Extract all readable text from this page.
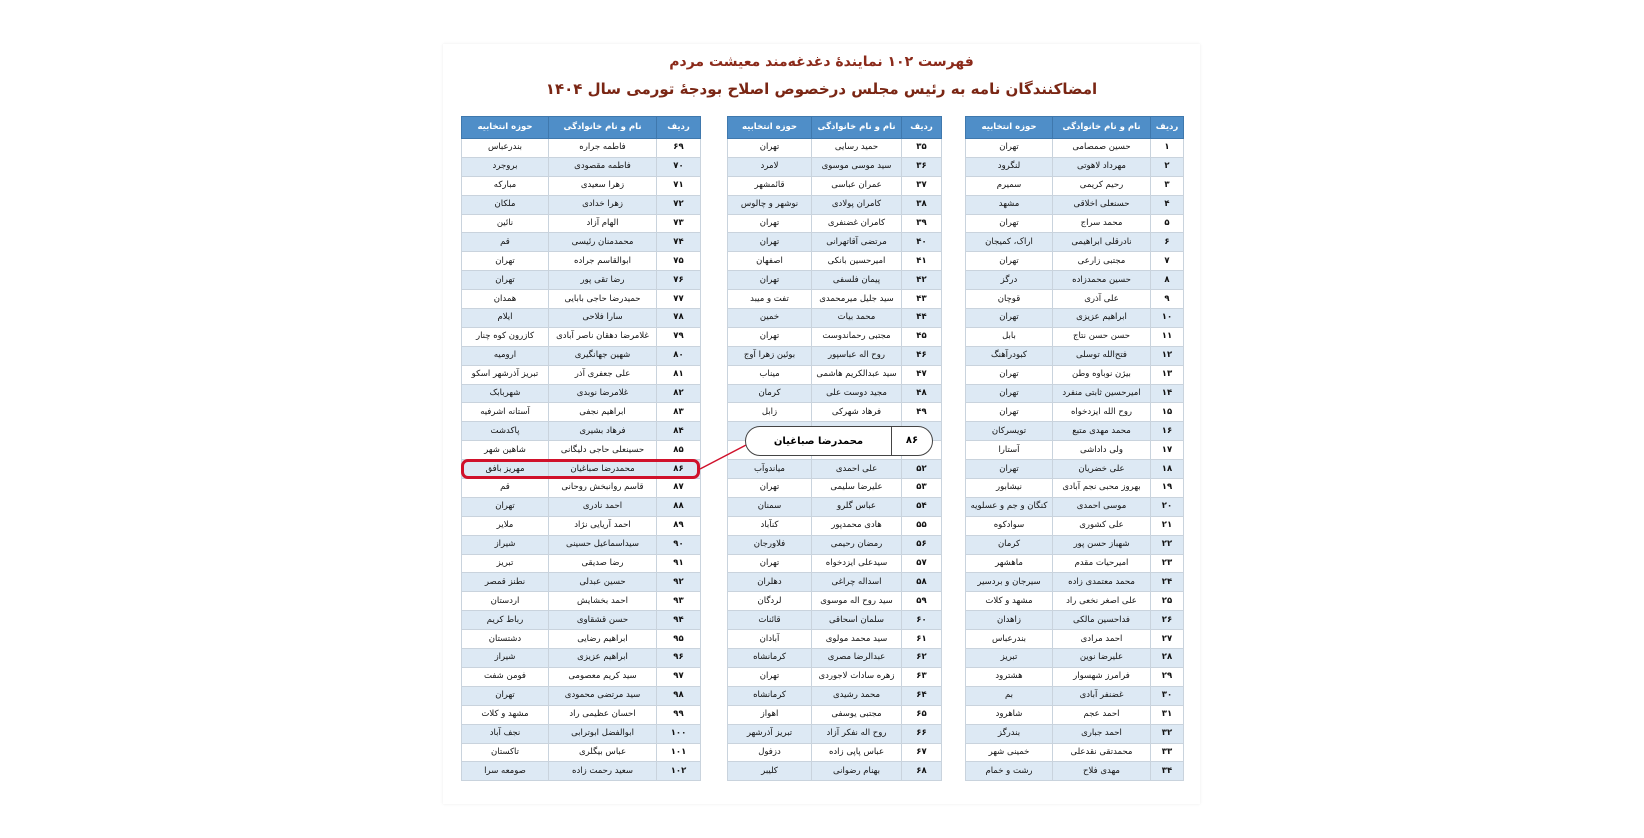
فهرست ۱۰۲ نمایندهٔ دغدغه‌مند معیشت مردم
امضاکنندگان نامه به رئیس مجلس درخصوص اصلاح بودجهٔ تورمی سال ۱۴۰۴
ردیف	نام و نام خانوادگی	حوزه انتخابیه
۱	حسین صمصامی	تهران
۲	مهرداد لاهوتی	لنگرود
۳	رحیم کریمی	سمیرم
۴	حسنعلی اخلاقی	مشهد
۵	محمد سراج	تهران
۶	نادرقلی ابراهیمی	اراک، کمیجان
۷	مجتبی زارعی	تهران
۸	حسین محمدزاده	درگز
۹	علی آذری	قوچان
۱۰	ابراهیم عزیزی	تهران
۱۱	حسن حسن نتاج	بابل
۱۲	فتح‌الله توسلی	کبودرآهنگ
۱۳	بیژن نوباوه وطن	تهران
۱۴	امیرحسین ثابتی منفرد	تهران
۱۵	روح الله ایزدخواه	تهران
۱۶	محمد مهدی متبع	تویسرکان
۱۷	ولی داداشی	آستارا
۱۸	علی خضریان	تهران
۱۹	بهروز محبی نجم آبادی	نیشابور
۲۰	موسی احمدی	کنگان و جم و عسلویه
۲۱	علی کشوری	سوادکوه
۲۲	شهباز حسن پور	کرمان
۲۳	امیرحیات مقدم	ماهشهر
۲۴	محمد معتمدی زاده	سیرجان و بردسیر
۲۵	علی اصغر نخعی راد	مشهد و کلات
۲۶	فداحسین مالکی	زاهدان
۲۷	احمد مرادی	بندرعباس
۲۸	علیرضا نوین	تبریز
۲۹	فرامرز شهسوار	هشترود
۳۰	غضنفر آبادی	بم
۳۱	احمد عجم	شاهرود
۳۲	احمد جباری	بندرگز
۳۳	محمدتقی نقدعلی	خمینی شهر
۳۴	مهدی فلاح	رشت و خمام
ردیف	نام و نام خانوادگی	حوزه انتخابیه
۳۵	حمید رسایی	تهران
۳۶	سید موسی موسوی	لامرد
۳۷	عمران عباسی	قائمشهر
۳۸	کامران پولادی	نوشهر و چالوس
۳۹	کامران غضنفری	تهران
۴۰	مرتضی آقاتهرانی	تهران
۴۱	امیرحسین بانکی	اصفهان
۴۲	پیمان فلسفی	تهران
۴۳	سید جلیل میرمحمدی	تفت و میبد
۴۴	محمد بیات	خمین
۴۵	مجتبی رحماندوست	تهران
۴۶	روح اله عباسپور	بوئین زهرا آوج
۴۷	سید عبدالکریم هاشمی	میناب
۴۸	مجید دوست علی	کرمان
۴۹	فرهاد شهرکی	زابل

۵۲	علی احمدی	میاندوآب
۵۳	علیرضا سلیمی	تهران
۵۴	عباس گلرو	سمنان
۵۵	هادی محمدپور	کنآباد
۵۶	رمضان رحیمی	فلاورجان
۵۷	سیدعلی ایزدخواه	تهران
۵۸	اسداله چراغی	دهلران
۵۹	سید روح اله موسوی	لردگان
۶۰	سلمان اسحاقی	قائنات
۶۱	سید محمد مولوی	آبادان
۶۲	عبدالرضا مصری	کرمانشاه
۶۳	زهره سادات لاجوردی	تهران
۶۴	محمد رشیدی	کرمانشاه
۶۵	مجتبی یوسفی	اهواز
۶۶	روح اله نفکر آزاد	تبریز آذرشهر
۶۷	عباس پاپی زاده	دزفول
۶۸	بهنام رضوانی	کلیبر
ردیف	نام و نام خانوادگی	حوزه انتخابیه
۶۹	فاطمه جراره	بندرعباس
۷۰	فاطمه مقصودی	بروجرد
۷۱	زهرا سعیدی	مبارکه
۷۲	زهرا خدادی	ملکان
۷۳	الهام آزاد	نائین
۷۴	محمدمنان رئیسی	قم
۷۵	ابوالقاسم جراده	تهران
۷۶	رضا تقی پور	تهران
۷۷	حمیدرضا حاجی بابایی	همدان
۷۸	سارا فلاحی	ایلام
۷۹	غلامرضا دهقان ناصر آبادی	کازرون کوه چنار
۸۰	شهین جهانگیری	ارومیه
۸۱	علی جعفری آذر	تبریز آذرشهر اسکو
۸۲	غلامرضا نوبدی	شهربابک
۸۳	ابراهیم نجفی	آستانه اشرفیه
۸۴	فرهاد بشیری	پاکدشت
۸۵	حسینعلی حاجی دلیگانی	شاهین شهر
۸۶	محمدرضا صباغیان	مهریز بافق
۸۷	قاسم روانبخش روحانی	قم
۸۸	احمد نادری	تهران
۸۹	احمد آریایی نژاد	ملایر
۹۰	سیداسماعیل حسینی	شیراز
۹۱	رضا صدیقی	تبریز
۹۲	حسین عبدلی	نطنز قمصر
۹۳	احمد بخشایش	اردستان
۹۴	حسن قشقاوی	رباط کریم
۹۵	ابراهیم رضایی	دشتستان
۹۶	ابراهیم عزیزی	شیراز
۹۷	سید کریم معصومی	فومن شفت
۹۸	سید مرتضی محمودی	تهران
۹۹	احسان عظیمی راد	مشهد و کلات
۱۰۰	ابوالفضل ابوترابی	نجف آباد
۱۰۱	عباس بیگلری	تاکستان
۱۰۲	سعید رحمت زاده	صومعه سرا
۸۶
محمدرضا صباغیان
